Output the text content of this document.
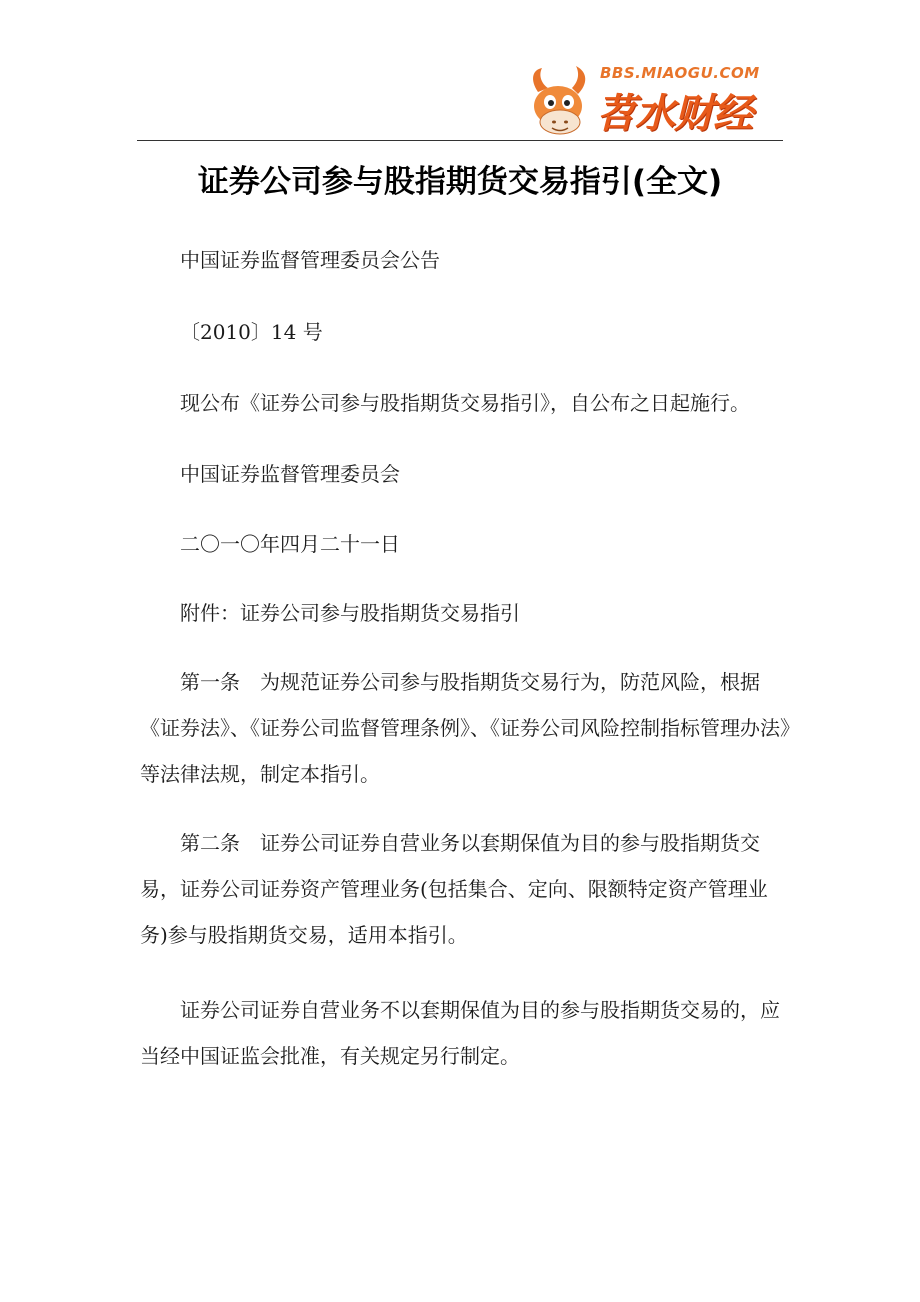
BBS.MIAOGU.COM
苕水财经
证券公司参与股指期货交易指引(全文)

中国证券监督管理委员会公告

〔2010〕14 号

现公布《证券公司参与股指期货交易指引》，自公布之日起施行。

中国证券监督管理委员会

二〇一〇年四月二十一日

附件：证券公司参与股指期货交易指引

第一条　为规范证券公司参与股指期货交易行为，防范风险，根据《证券法》、《证券公司监督管理条例》、《证券公司风险控制指标管理办法》等法律法规，制定本指引。

第二条　证券公司证券自营业务以套期保值为目的参与股指期货交易，证券公司证券资产管理业务(包括集合、定向、限额特定资产管理业务)参与股指期货交易，适用本指引。

证券公司证券自营业务不以套期保值为目的参与股指期货交易的，应当经中国证监会批准，有关规定另行制定。
